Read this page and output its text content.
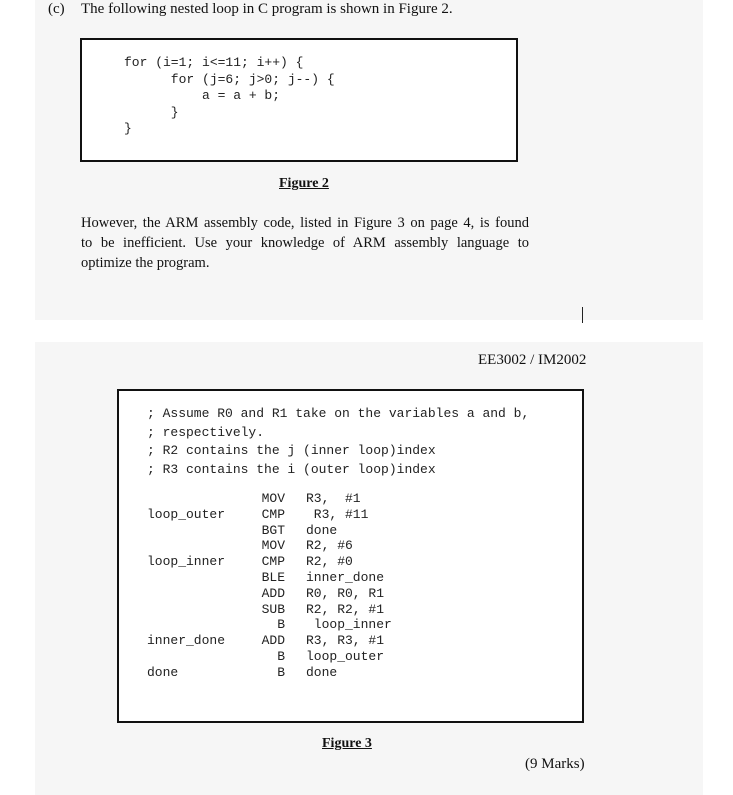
(c) The following nested loop in C program is shown in Figure 2.
for (i=1; i<=11; i++) {
for (j=6; j>0; j--) {
a = a + b;
}
}
Figure 2
However, the ARM assembly code, listed in Figure 3 on page 4, is found
to be inefficient. Use your knowledge of ARM assembly language to
optimize the program.
EE3002 / IM2002
; Assume R0 and R1 take on the variables a and b,
; respectively.
; R2 contains the j (inner loop)index
; R3 contains the i (outer loop)index
	MOV	R3,  #1
loop_outer	CMP	R3, #11
	BGT	done
	MOV	R2, #6
loop_inner	CMP	R2, #0
	BLE	inner_done
	ADD	R0, R0, R1
	SUB	R2, R2, #1
	B	loop_inner
inner_done	ADD	R3, R3, #1
	B	loop_outer
done	B	done
Figure 3
(9 Marks)
